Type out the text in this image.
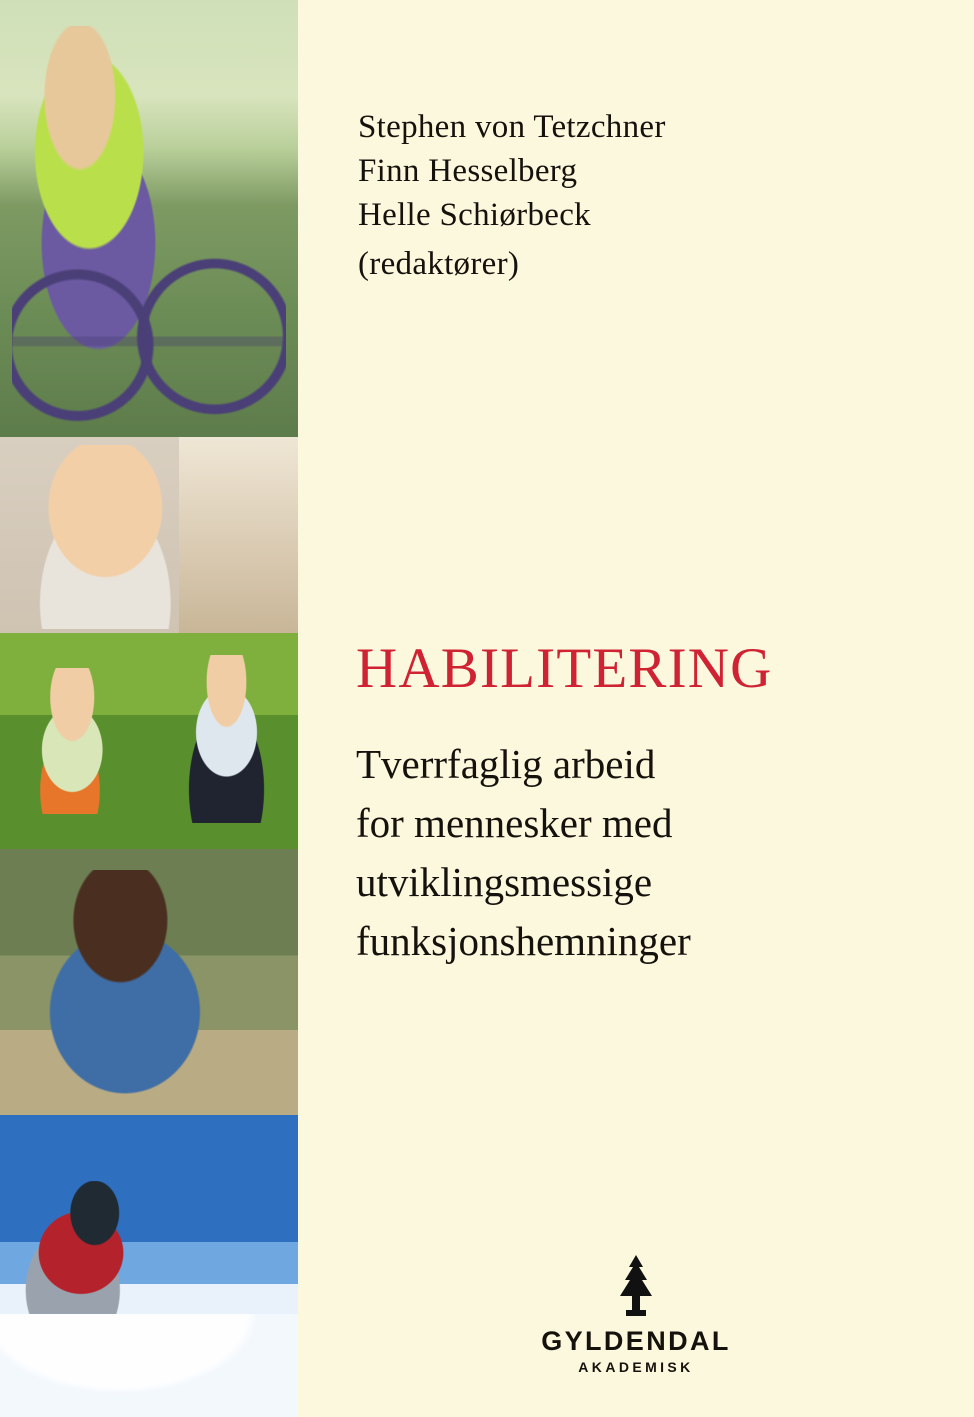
Stephen von Tetzchner
Finn Hesselberg
Helle Schiørbeck
(redaktører)
HABILITERING
Tverrfaglig arbeid
for mennesker med
utviklingsmessige
funksjonshemninger
GYLDENDAL
AKADEMISK
